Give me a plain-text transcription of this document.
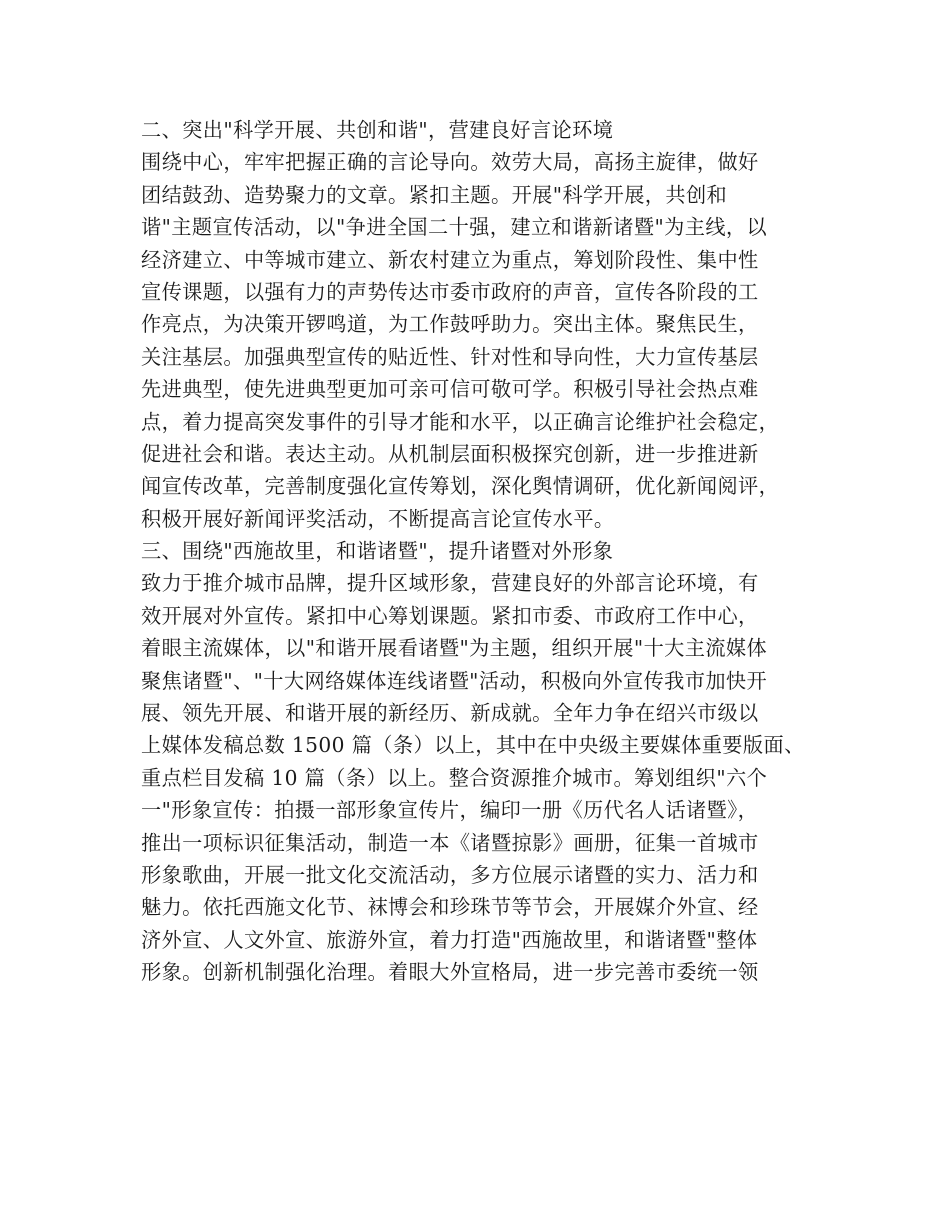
二、突出"科学开展、共创和谐"，营建良好言论环境
围绕中心，牢牢把握正确的言论导向。效劳大局，高扬主旋律，做好
团结鼓劲、造势聚力的文章。紧扣主题。开展"科学开展，共创和
谐"主题宣传活动，以"争进全国二十强，建立和谐新诸暨"为主线，以
经济建立、中等城市建立、新农村建立为重点，筹划阶段性、集中性
宣传课题，以强有力的声势传达市委市政府的声音，宣传各阶段的工
作亮点，为决策开锣鸣道，为工作鼓呼助力。突出主体。聚焦民生，
关注基层。加强典型宣传的贴近性、针对性和导向性，大力宣传基层
先进典型，使先进典型更加可亲可信可敬可学。积极引导社会热点难
点，着力提高突发事件的引导才能和水平，以正确言论维护社会稳定，
促进社会和谐。表达主动。从机制层面积极探究创新，进一步推进新
闻宣传改革，完善制度强化宣传筹划，深化舆情调研，优化新闻阅评，
积极开展好新闻评奖活动，不断提高言论宣传水平。
三、围绕"西施故里，和谐诸暨"，提升诸暨对外形象
致力于推介城市品牌，提升区域形象，营建良好的外部言论环境，有
效开展对外宣传。紧扣中心筹划课题。紧扣市委、市政府工作中心，
着眼主流媒体，以"和谐开展看诸暨"为主题，组织开展"十大主流媒体
聚焦诸暨"、"十大网络媒体连线诸暨"活动，积极向外宣传我市加快开
展、领先开展、和谐开展的新经历、新成就。全年力争在绍兴市级以
上媒体发稿总数 1500 篇（条）以上，其中在中央级主要媒体重要版面、
重点栏目发稿 10 篇（条）以上。整合资源推介城市。筹划组织"六个
一"形象宣传：拍摄一部形象宣传片，编印一册《历代名人话诸暨》，
推出一项标识征集活动，制造一本《诸暨掠影》画册，征集一首城市
形象歌曲，开展一批文化交流活动，多方位展示诸暨的实力、活力和
魅力。依托西施文化节、袜博会和珍珠节等节会，开展媒介外宣、经
济外宣、人文外宣、旅游外宣，着力打造"西施故里，和谐诸暨"整体
形象。创新机制强化治理。着眼大外宣格局，进一步完善市委统一领
